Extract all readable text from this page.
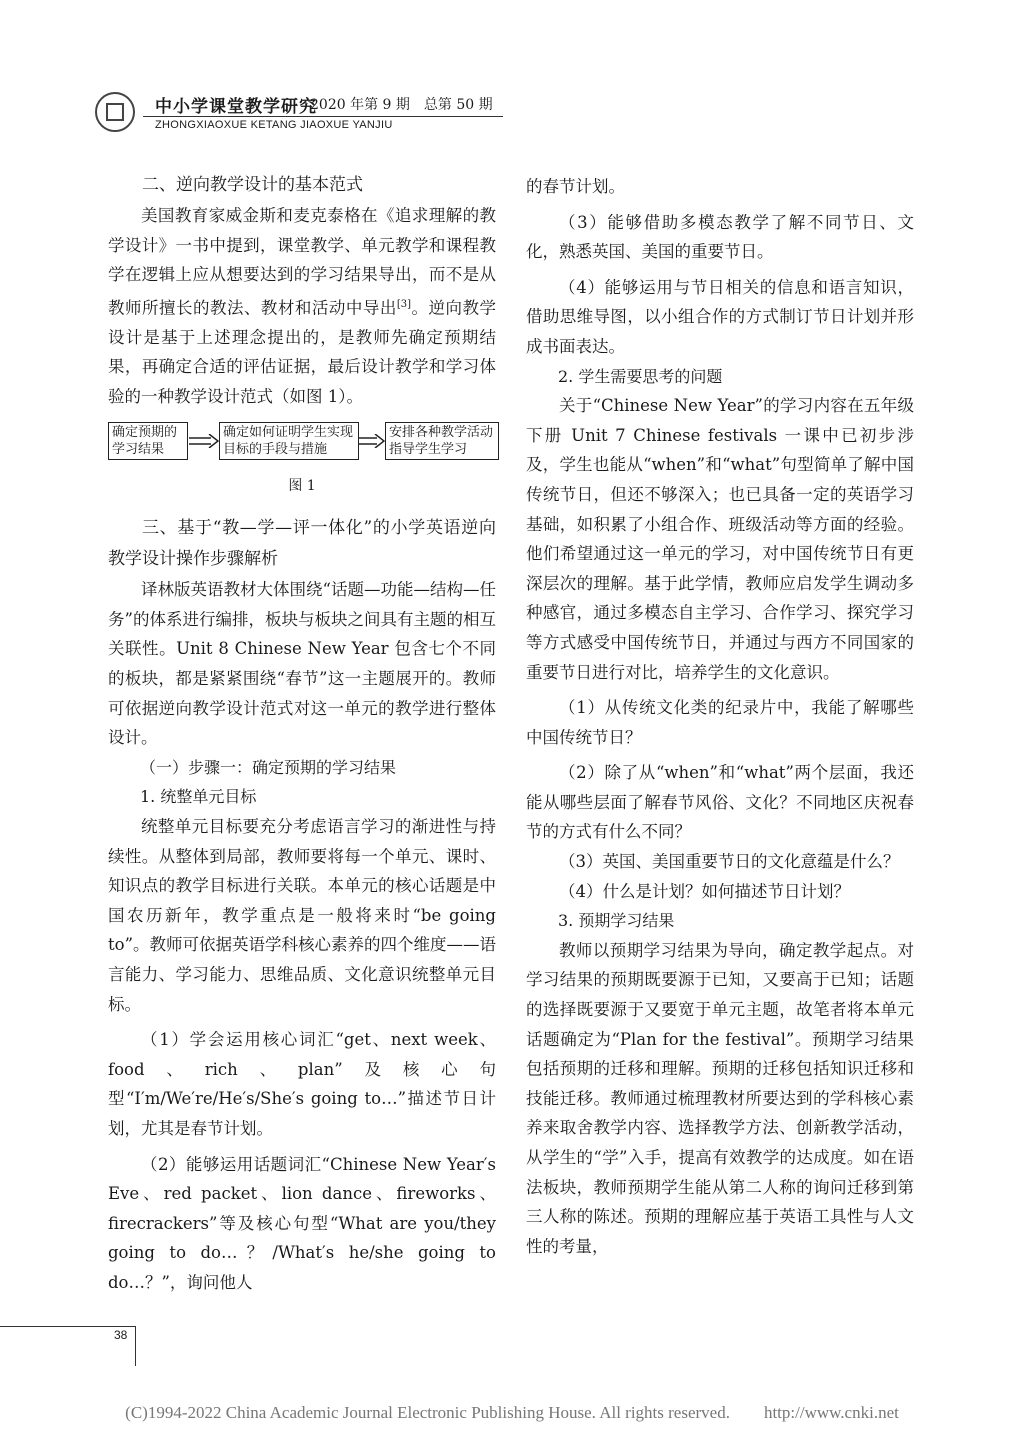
中小学课堂教学研究
2020 年第 9 期　总第 50 期
ZHONGXIAOXUE KETANG JIAOXUE YANJIU
二、逆向教学设计的基本范式

美国教育家威金斯和麦克泰格在《追求理解的教学设计》一书中提到，课堂教学、单元教学和课程教学在逻辑上应从想要达到的学习结果导出，而不是从教师所擅长的教法、教材和活动中导出[3]。逆向教学设计是基于上述理念提出的，是教师先确定预期结果，再确定合适的评估证据，最后设计教学和学习体验的一种教学设计范式（如图 1）。

确定预期的学习结果
确定如何证明学生实现目标的手段与措施
安排各种教学活动指导学生学习

图 1

三、基于“教—学—评一体化”的小学英语逆向教学设计操作步骤解析

译林版英语教材大体围绕“话题—功能—结构—任务”的体系进行编排，板块与板块之间具有主题的相互关联性。Unit 8 Chinese New Year 包含七个不同的板块，都是紧紧围绕“春节”这一主题展开的。教师可依据逆向教学设计范式对这一单元的教学进行整体设计。

（一）步骤一：确定预期的学习结果
1. 统整单元目标

统整单元目标要充分考虑语言学习的渐进性与持续性。从整体到局部，教师要将每一个单元、课时、知识点的教学目标进行关联。本单元的核心话题是中国农历新年，教学重点是一般将来时“be going to”。教师可依据英语学科核心素养的四个维度——语言能力、学习能力、思维品质、文化意识统整单元目标。

（1）学会运用核心词汇“get、next week、food、rich、plan”及核心句型“I′m/We′re/He′s/She′s going to…”描述节日计划，尤其是春节计划。

（2）能够运用话题词汇“Chinese New Year′s Eve、red packet、lion dance、fireworks、firecrackers”等及核心句型“What are you/they going to do…？/What′s he/she going to do…？”，询问他人

的春节计划。

（3）能够借助多模态教学了解不同节日、文化，熟悉英国、美国的重要节日。

（4）能够运用与节日相关的信息和语言知识，借助思维导图，以小组合作的方式制订节日计划并形成书面表达。

2. 学生需要思考的问题

关于“Chinese New Year”的学习内容在五年级下册 Unit 7 Chinese festivals 一课中已初步涉及，学生也能从“when”和“what”句型简单了解中国传统节日，但还不够深入；也已具备一定的英语学习基础，如积累了小组合作、班级活动等方面的经验。他们希望通过这一单元的学习，对中国传统节日有更深层次的理解。基于此学情，教师应启发学生调动多种感官，通过多模态自主学习、合作学习、探究学习等方式感受中国传统节日，并通过与西方不同国家的重要节日进行对比，培养学生的文化意识。

（1）从传统文化类的纪录片中，我能了解哪些中国传统节日？

（2）除了从“when”和“what”两个层面，我还能从哪些层面了解春节风俗、文化？不同地区庆祝春节的方式有什么不同？

（3）英国、美国重要节日的文化意蕴是什么？

（4）什么是计划？如何描述节日计划？

3. 预期学习结果

教师以预期学习结果为导向，确定教学起点。对学习结果的预期既要源于已知，又要高于已知；话题的选择既要源于又要宽于单元主题，故笔者将本单元话题确定为“Plan for the festival”。预期学习结果包括预期的迁移和理解。预期的迁移包括知识迁移和技能迁移。教师通过梳理教材所要达到的学科核心素养来取舍教学内容、选择教学方法、创新教学活动，从学生的“学”入手，提高有效教学的达成度。如在语法板块，教师预期学生能从第二人称的询问迁移到第三人称的陈述。预期的理解应基于英语工具性与人文性的考量，

38
(C)1994-2022 China Academic Journal Electronic Publishing House. All rights reserved.　　http://www.cnki.net
